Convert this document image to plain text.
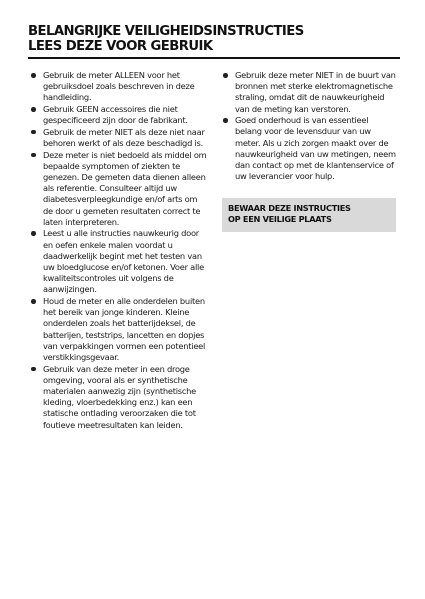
BELANGRIJKE VEILIGHEIDSINSTRUCTIES
LEES DEZE VOOR GEBRUIK
Gebruik de meter ALLEEN voor het gebruiksdoel zoals beschreven in deze handleiding.
Gebruik GEEN accessoires die niet gespecificeerd zijn door de fabrikant.
Gebruik de meter NIET als deze niet naar behoren werkt of als deze beschadigd is.
Deze meter is niet bedoeld als middel om bepaalde symptomen of ziekten te genezen. De gemeten data dienen alleen als referentie. Consulteer altijd uw diabetesverpleegkundige en/of arts om de door u gemeten resultaten correct te laten interpreteren.
Leest u alle instructies nauwkeurig door en oefen enkele malen voordat u daadwerkelijk begint met het testen van uw bloedglucose en/of ketonen. Voer alle kwaliteitscontroles uit volgens de aanwijzingen.
Houd de meter en alle onderdelen buiten het bereik van jonge kinderen. Kleine onderdelen zoals het batterijdeksel, de batterijen, teststrips, lancetten en dopjes van verpakkingen vormen een potentieel verstikkingsgevaar.
Gebruik van deze meter in een droge omgeving, vooral als er synthetische materialen aanwezig zijn (synthetische kleding, vloerbedekking enz.) kan een statische ontlading veroorzaken die tot foutieve meetresultaten kan leiden.
Gebruik deze meter NIET in de buurt van bronnen met sterke elektromagnetische straling, omdat dit de nauwkeurigheid van de meting kan verstoren.
Goed onderhoud is van essentieel belang voor de levensduur van uw meter. Als u zich zorgen maakt over de nauwkeurigheid van uw metingen, neem dan contact op met de klantenservice of uw leverancier voor hulp.
BEWAAR DEZE INSTRUCTIES
OP EEN VEILIGE PLAATS
